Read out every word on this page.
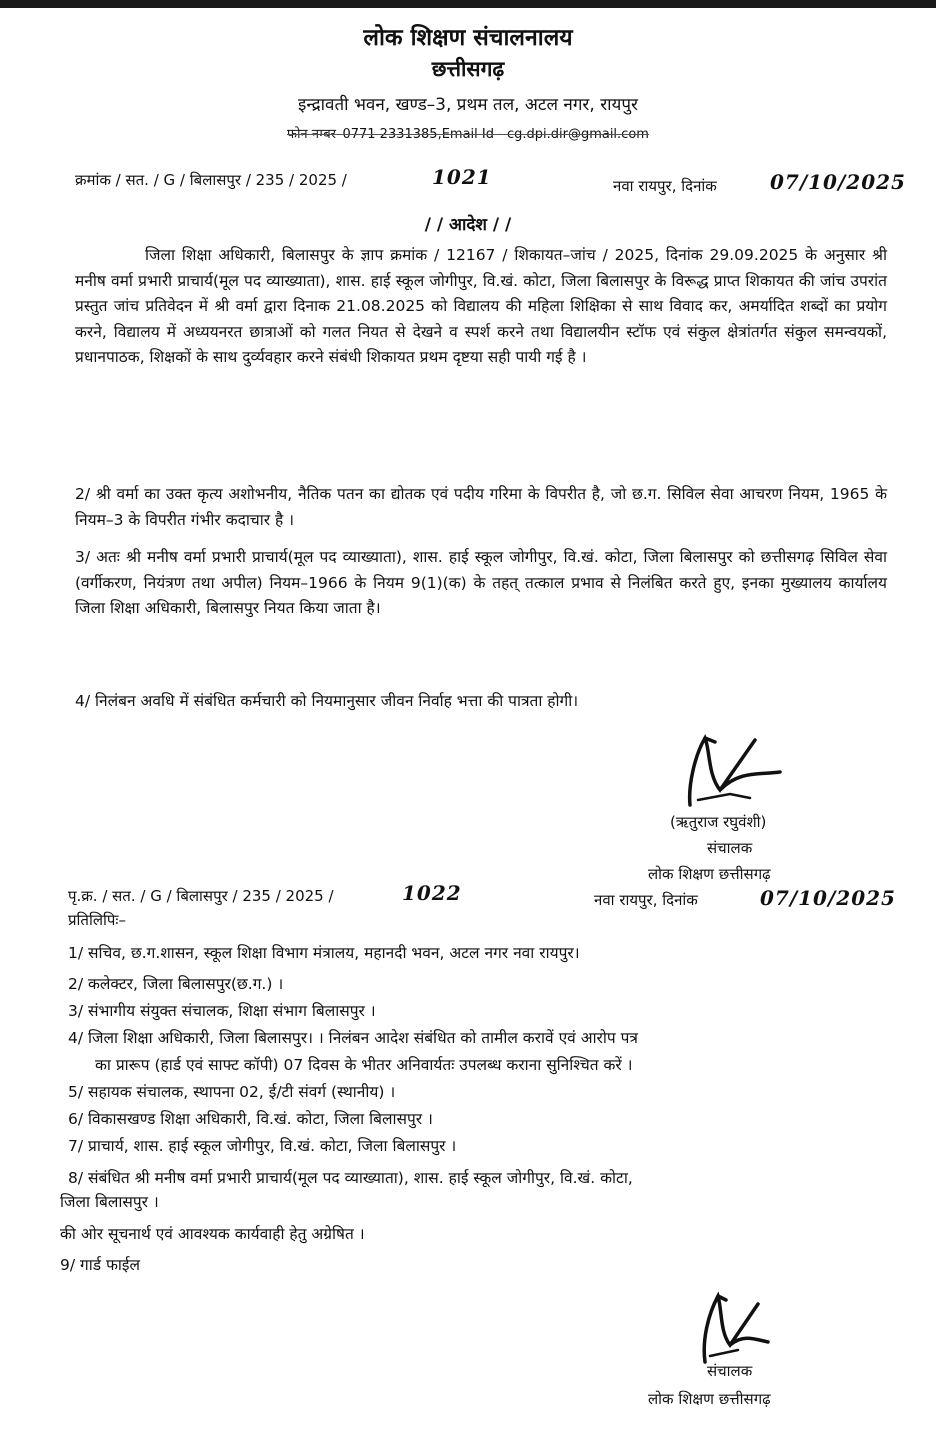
लोक शिक्षण संचालनालय
छत्तीसगढ़
इन्द्रावती भवन, खण्ड–3, प्रथम तल, अटल नगर, रायपुर
फोन नम्बर–0771 2331385,Email Id - cg.dpi.dir@gmail.com
क्रमांक / सत. / G / बिलासपुर / 235 / 2025 /	1021	नवा रायपुर, दिनांक	07/10/2025
/ / आदेश / /

जिला शिक्षा अधिकारी, बिलासपुर के ज्ञाप क्रमांक / 12167 / शिकायत–जांच / 2025, दिनांक 29.09.2025 के अनुसार श्री मनीष वर्मा प्रभारी प्राचार्य(मूल पद व्याख्याता), शास. हाई स्कूल जोगीपुर, वि.खं. कोटा, जिला बिलासपुर के विरूद्ध प्राप्त शिकायत की जांच उपरांत प्रस्तुत जांच प्रतिवेदन में श्री वर्मा द्वारा दिनाक 21.08.2025 को विद्यालय की महिला शिक्षिका से साथ विवाद कर, अमर्यादित शब्दों का प्रयोग करने, विद्यालय में अध्ययनरत छात्राओं को गलत नियत से देखने व स्पर्श करने तथा विद्यालयीन स्टॉफ एवं संकुल क्षेत्रांतर्गत संकुल समन्वयकों, प्रधानपाठक, शिक्षकों के साथ दुर्व्यवहार करने संबंधी शिकायत प्रथम दृष्टया सही पायी गई है ।

2/ श्री वर्मा का उक्त कृत्य अशोभनीय, नैतिक पतन का द्योतक एवं पदीय गरिमा के विपरीत है, जो छ.ग. सिविल सेवा आचरण नियम, 1965 के नियम–3 के विपरीत गंभीर कदाचार है ।

3/ अतः श्री मनीष वर्मा प्रभारी प्राचार्य(मूल पद व्याख्याता), शास. हाई स्कूल जोगीपुर, वि.खं. कोटा, जिला बिलासपुर को छत्तीसगढ़ सिविल सेवा (वर्गीकरण, नियंत्रण तथा अपील) नियम–1966 के नियम 9(1)(क) के तहत् तत्काल प्रभाव से निलंबित करते हुए, इनका मुख्यालय कार्यालय जिला शिक्षा अधिकारी, बिलासपुर नियत किया जाता है।

4/ निलंबन अवधि में संबंधित कर्मचारी को नियमानुसार जीवन निर्वाह भत्ता की पात्रता होगी।

(ऋतुराज रघुवंशी)
संचालक
लोक शिक्षण छत्तीसगढ़
पृ.क्र. / सत. / G / बिलासपुर / 235 / 2025 /	1022	नवा रायपुर, दिनांक	07/10/2025
प्रतिलिपिः–
1/ सचिव, छ.ग.शासन, स्कूल शिक्षा विभाग मंत्रालय, महानदी भवन, अटल नगर नवा रायपुर।
2/ कलेक्टर, जिला बिलासपुर(छ.ग.) ।
3/ संभागीय संयुक्त संचालक, शिक्षा संभाग बिलासपुर ।
4/ जिला शिक्षा अधिकारी, जिला बिलासपुर। । निलंबन आदेश संबंधित को तामील करावें एवं आरोप पत्र
का प्रारूप (हार्ड एवं साफ्ट कॉपी) 07 दिवस के भीतर अनिवार्यतः उपलब्ध कराना सुनिश्चित करें ।
5/ सहायक संचालक, स्थापना 02, ई/टी संवर्ग (स्थानीय) ।
6/ विकासखण्ड शिक्षा अधिकारी, वि.खं. कोटा, जिला बिलासपुर ।
7/ प्राचार्य, शास. हाई स्कूल जोगीपुर, वि.खं. कोटा, जिला बिलासपुर ।
8/ संबंधित श्री मनीष वर्मा प्रभारी प्राचार्य(मूल पद व्याख्याता), शास. हाई स्कूल जोगीपुर, वि.खं. कोटा,
जिला बिलासपुर ।
की ओर सूचनार्थ एवं आवश्यक कार्यवाही हेतु अग्रेषित ।
9/ गार्ड फाईल
संचालक
लोक शिक्षण छत्तीसगढ़
